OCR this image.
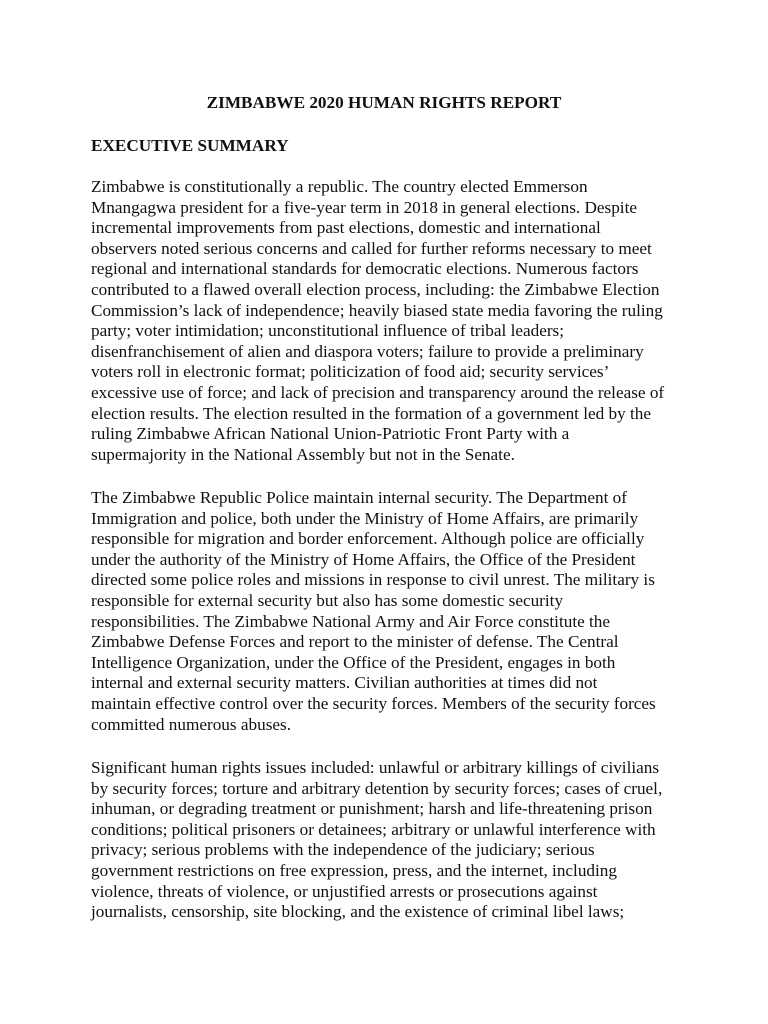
ZIMBABWE 2020 HUMAN RIGHTS REPORT
EXECUTIVE SUMMARY
Zimbabwe is constitutionally a republic. The country elected Emmerson
Mnangagwa president for a five-year term in 2018 in general elections. Despite
incremental improvements from past elections, domestic and international
observers noted serious concerns and called for further reforms necessary to meet
regional and international standards for democratic elections. Numerous factors
contributed to a flawed overall election process, including: the Zimbabwe Election
Commission’s lack of independence; heavily biased state media favoring the ruling
party; voter intimidation; unconstitutional influence of tribal leaders;
disenfranchisement of alien and diaspora voters; failure to provide a preliminary
voters roll in electronic format; politicization of food aid; security services’
excessive use of force; and lack of precision and transparency around the release of
election results. The election resulted in the formation of a government led by the
ruling Zimbabwe African National Union-Patriotic Front Party with a
supermajority in the National Assembly but not in the Senate.
The Zimbabwe Republic Police maintain internal security. The Department of
Immigration and police, both under the Ministry of Home Affairs, are primarily
responsible for migration and border enforcement. Although police are officially
under the authority of the Ministry of Home Affairs, the Office of the President
directed some police roles and missions in response to civil unrest. The military is
responsible for external security but also has some domestic security
responsibilities. The Zimbabwe National Army and Air Force constitute the
Zimbabwe Defense Forces and report to the minister of defense. The Central
Intelligence Organization, under the Office of the President, engages in both
internal and external security matters. Civilian authorities at times did not
maintain effective control over the security forces. Members of the security forces
committed numerous abuses.
Significant human rights issues included: unlawful or arbitrary killings of civilians
by security forces; torture and arbitrary detention by security forces; cases of cruel,
inhuman, or degrading treatment or punishment; harsh and life-threatening prison
conditions; political prisoners or detainees; arbitrary or unlawful interference with
privacy; serious problems with the independence of the judiciary; serious
government restrictions on free expression, press, and the internet, including
violence, threats of violence, or unjustified arrests or prosecutions against
journalists, censorship, site blocking, and the existence of criminal libel laws;
